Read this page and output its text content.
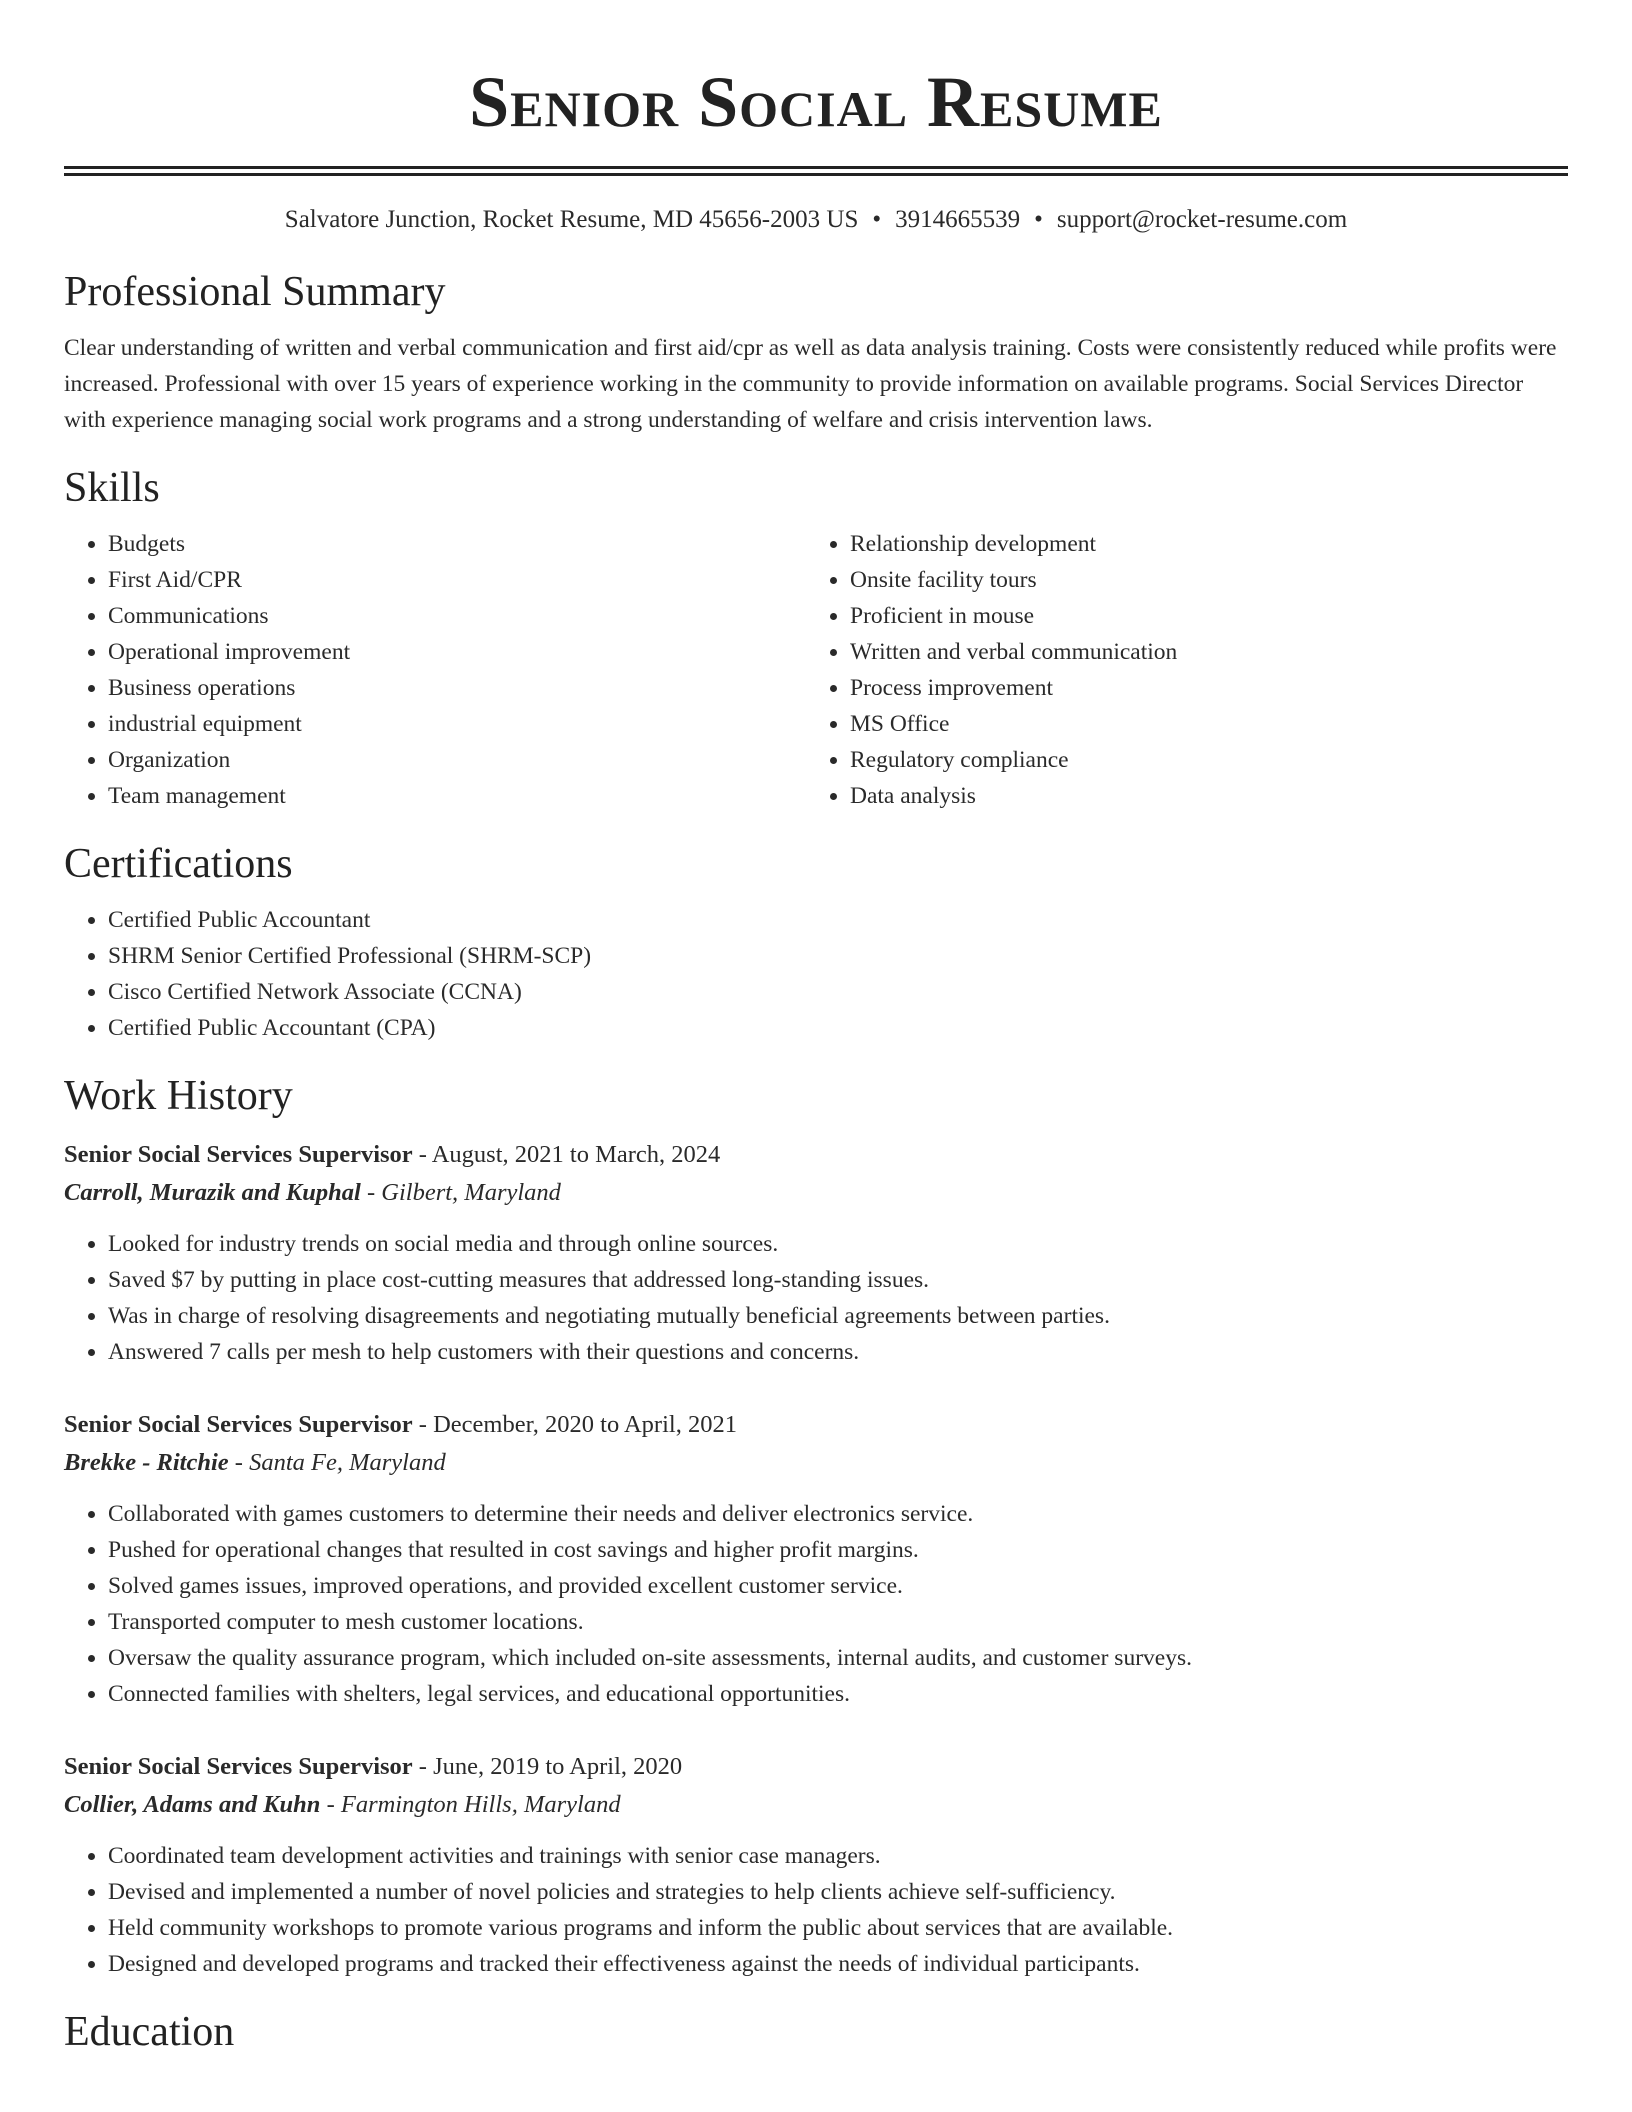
Senior Social Resume
Salvatore Junction, Rocket Resume, MD 45656-2003 US • 3914665539 • support@rocket-resume.com
Professional Summary
Clear understanding of written and verbal communication and first aid/cpr as well as data analysis training. Costs were consistently reduced while profits were increased. Professional with over 15 years of experience working in the community to provide information on available programs. Social Services Director with experience managing social work programs and a strong understanding of welfare and crisis intervention laws.
Skills
• Budgets
• First Aid/CPR
• Communications
• Operational improvement
• Business operations
• industrial equipment
• Organization
• Team management
• Relationship development
• Onsite facility tours
• Proficient in mouse
• Written and verbal communication
• Process improvement
• MS Office
• Regulatory compliance
• Data analysis
Certifications
• Certified Public Accountant
• SHRM Senior Certified Professional (SHRM-SCP)
• Cisco Certified Network Associate (CCNA)
• Certified Public Accountant (CPA)
Work History
Senior Social Services Supervisor - August, 2021 to March, 2024
Carroll, Murazik and Kuphal - Gilbert, Maryland
• Looked for industry trends on social media and through online sources.
• Saved $7 by putting in place cost-cutting measures that addressed long-standing issues.
• Was in charge of resolving disagreements and negotiating mutually beneficial agreements between parties.
• Answered 7 calls per mesh to help customers with their questions and concerns.
Senior Social Services Supervisor - December, 2020 to April, 2021
Brekke - Ritchie - Santa Fe, Maryland
• Collaborated with games customers to determine their needs and deliver electronics service.
• Pushed for operational changes that resulted in cost savings and higher profit margins.
• Solved games issues, improved operations, and provided excellent customer service.
• Transported computer to mesh customer locations.
• Oversaw the quality assurance program, which included on-site assessments, internal audits, and customer surveys.
• Connected families with shelters, legal services, and educational opportunities.
Senior Social Services Supervisor - June, 2019 to April, 2020
Collier, Adams and Kuhn - Farmington Hills, Maryland
• Coordinated team development activities and trainings with senior case managers.
• Devised and implemented a number of novel policies and strategies to help clients achieve self-sufficiency.
• Held community workshops to promote various programs and inform the public about services that are available.
• Designed and developed programs and tracked their effectiveness against the needs of individual participants.
Education
